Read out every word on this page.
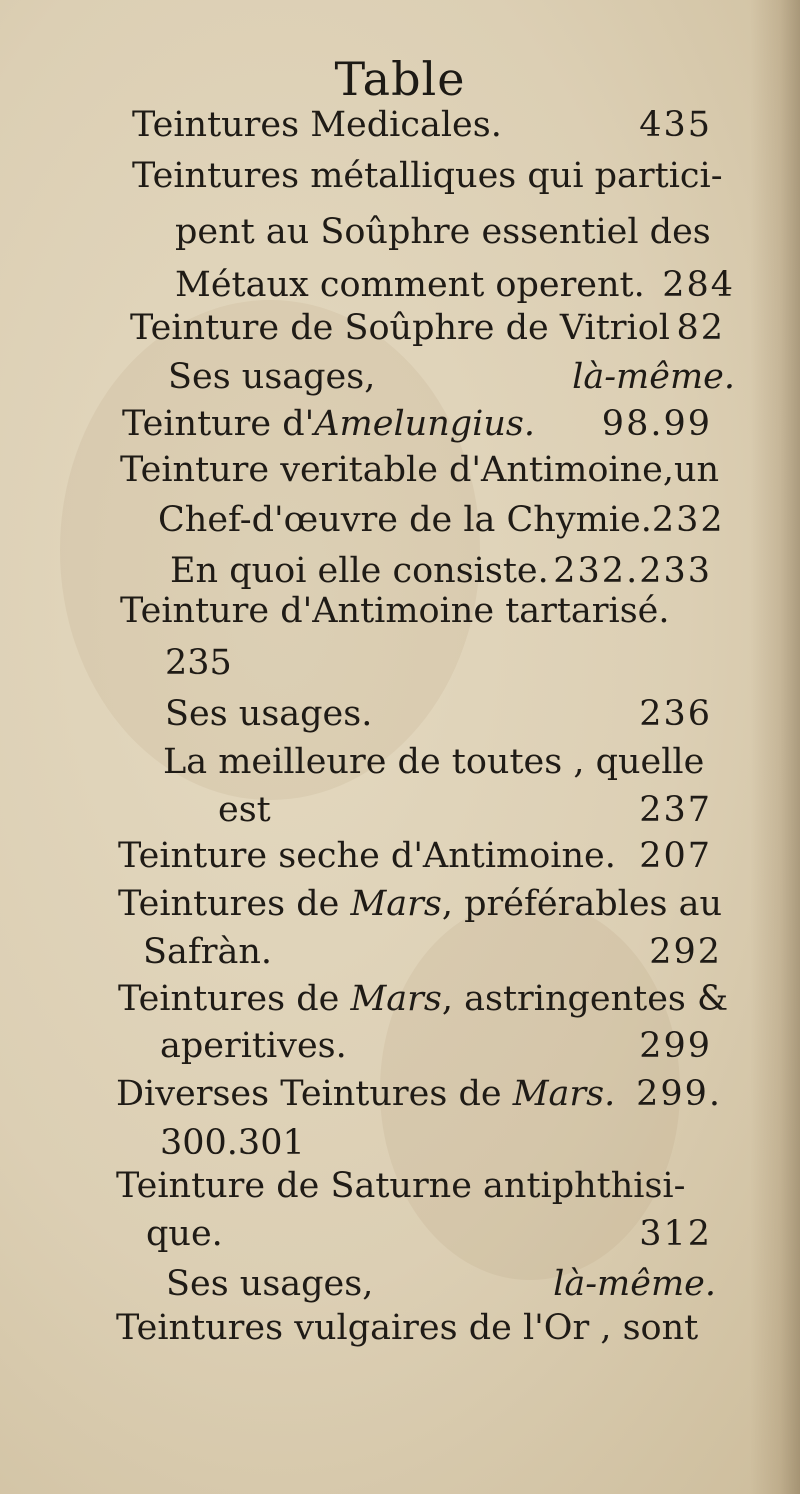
Table
Teintures Medicales.	435
Teintures métalliques qui partici-
pent au Soûphre essentiel des
Métaux comment operent. 284
Teinture de Soûphre de Vitriol 82
Ses usages,	là-même.
Teinture d'Amelungius. 98.99
Teinture veritable d'Antimoine,un
Chef-d'œuvre de la Chymie. 232
En quoi elle consiste. 232.233
Teinture d'Antimoine tartarisé.
235
Ses usages.	236
La meilleure de toutes , quelle
est	237
Teinture seche d'Antimoine. 207
Teintures de Mars, préférables au
Safràn.	292
Teintures de Mars, astringentes &
aperitives.	299
Diverses Teintures de Mars. 299.
300.301
Teinture de Saturne antiphthisi-
que.	312
Ses usages,	là-même.
Teintures vulgaires de l'Or , sont
